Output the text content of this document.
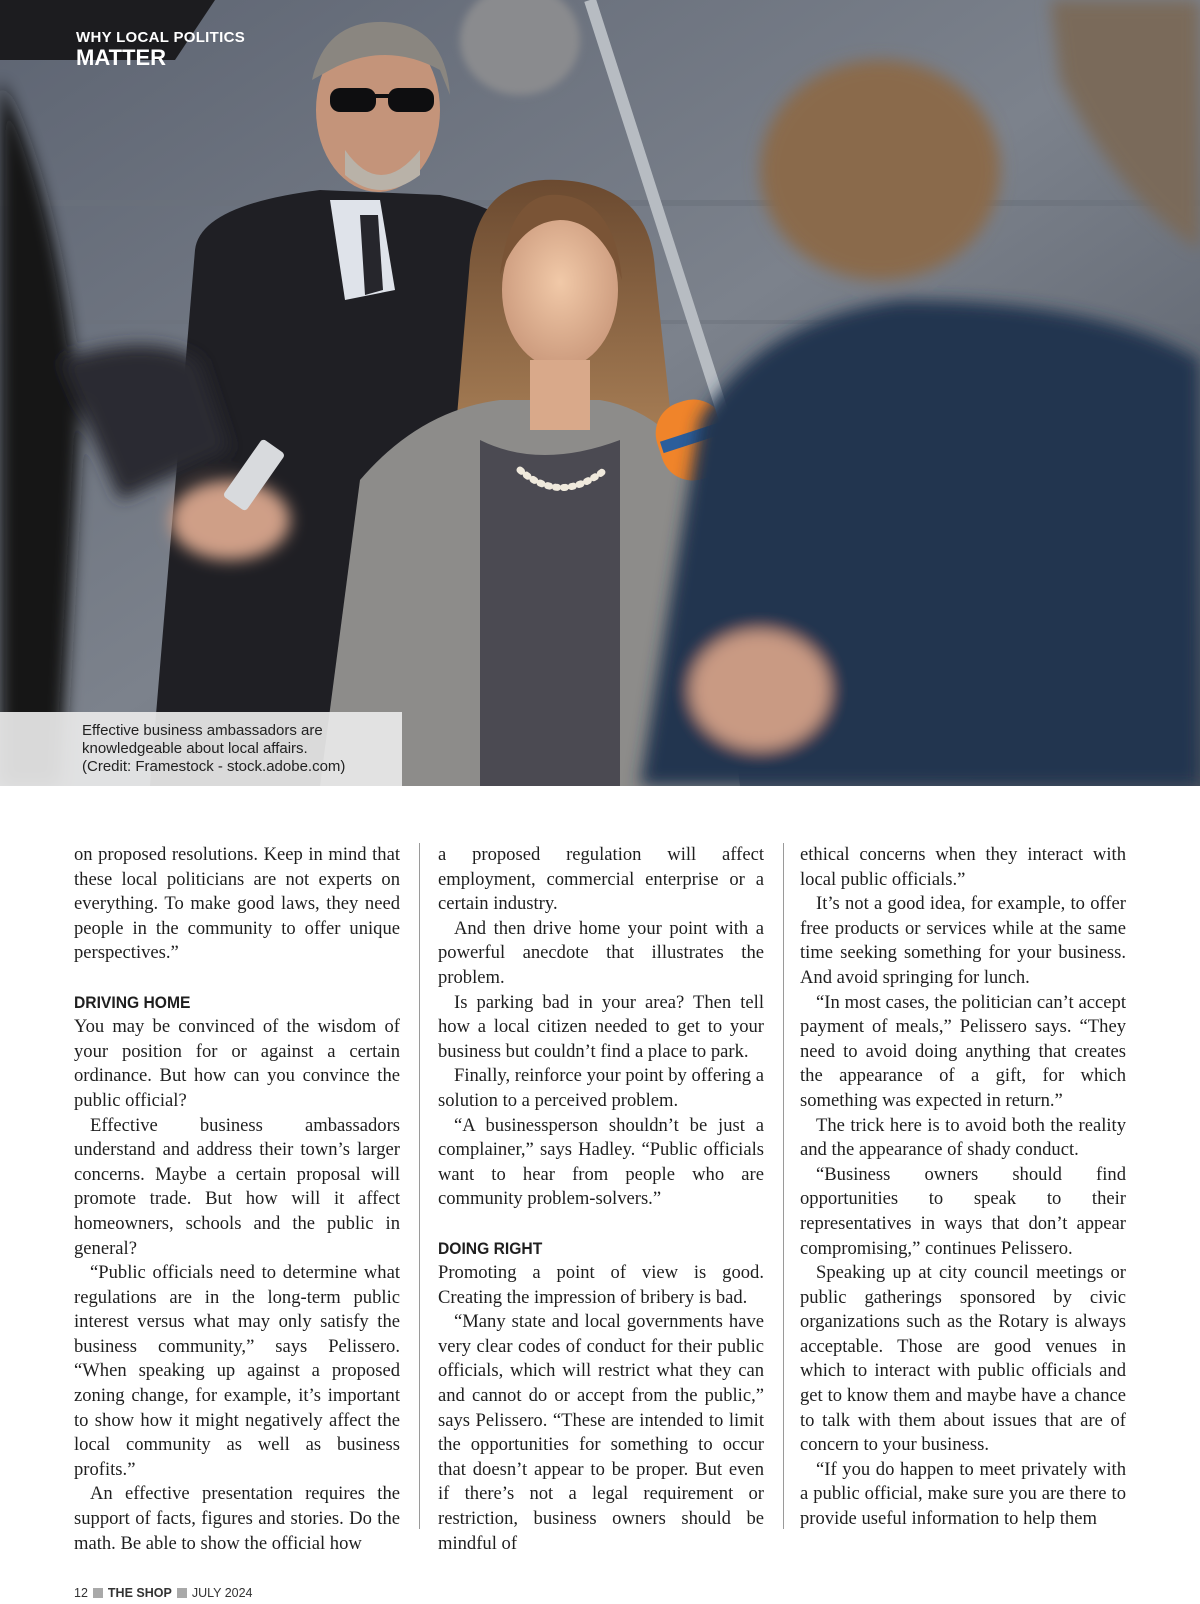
WHY LOCAL POLITICS
MATTER

Effective business ambassadors are
knowledgeable about local affairs.
(Credit: Framestock - stock.adobe.com)

on proposed resolutions. Keep in mind that these local politicians are not experts on everything. To make good laws, they need people in the community to offer unique perspectives.”

DRIVING HOME

You may be convinced of the wisdom of your position for or against a certain ordinance. But how can you convince the public official?

Effective business ambassadors understand and address their town’s larger concerns. Maybe a certain proposal will promote trade. But how will it affect homeowners, schools and the public in general?

“Public officials need to determine what regulations are in the long-term public interest versus what may only satisfy the business community,” says Pelissero. “When speaking up against a proposed zoning change, for example, it’s important to show how it might negatively affect the local community as well as business profits.”

An effective presentation requires the support of facts, figures and stories. Do the math. Be able to show the official how

a proposed regulation will affect employment, commercial enterprise or a certain industry.

And then drive home your point with a powerful anecdote that illustrates the problem.

Is parking bad in your area? Then tell how a local citizen needed to get to your business but couldn’t find a place to park.

Finally, reinforce your point by offering a solution to a perceived problem.

“A businessperson shouldn’t be just a complainer,” says Hadley. “Public officials want to hear from people who are community problem-solvers.”

DOING RIGHT

Promoting a point of view is good. Creating the impression of bribery is bad.

“Many state and local governments have very clear codes of conduct for their public officials, which will restrict what they can and cannot do or accept from the public,” says Pelissero. “These are intended to limit the opportunities for something to occur that doesn’t appear to be proper. But even if there’s not a legal requirement or restriction, business owners should be mindful of

ethical concerns when they interact with local public officials.”

It’s not a good idea, for example, to offer free products or services while at the same time seeking something for your business. And avoid springing for lunch.

“In most cases, the politician can’t accept payment of meals,” Pelissero says. “They need to avoid doing anything that creates the appearance of a gift, for which something was expected in return.”

The trick here is to avoid both the reality and the appearance of shady conduct.

“Business owners should find opportunities to speak to their representatives in ways that don’t appear compromising,” continues Pelissero.

Speaking up at city council meetings or public gatherings sponsored by civic organizations such as the Rotary is always acceptable. Those are good venues in which to interact with public officials and get to know them and maybe have a chance to talk with them about issues that are of concern to your business.

“If you do happen to meet privately with a public official, make sure you are there to provide useful information to help them

12 THE SHOP JULY 2024
